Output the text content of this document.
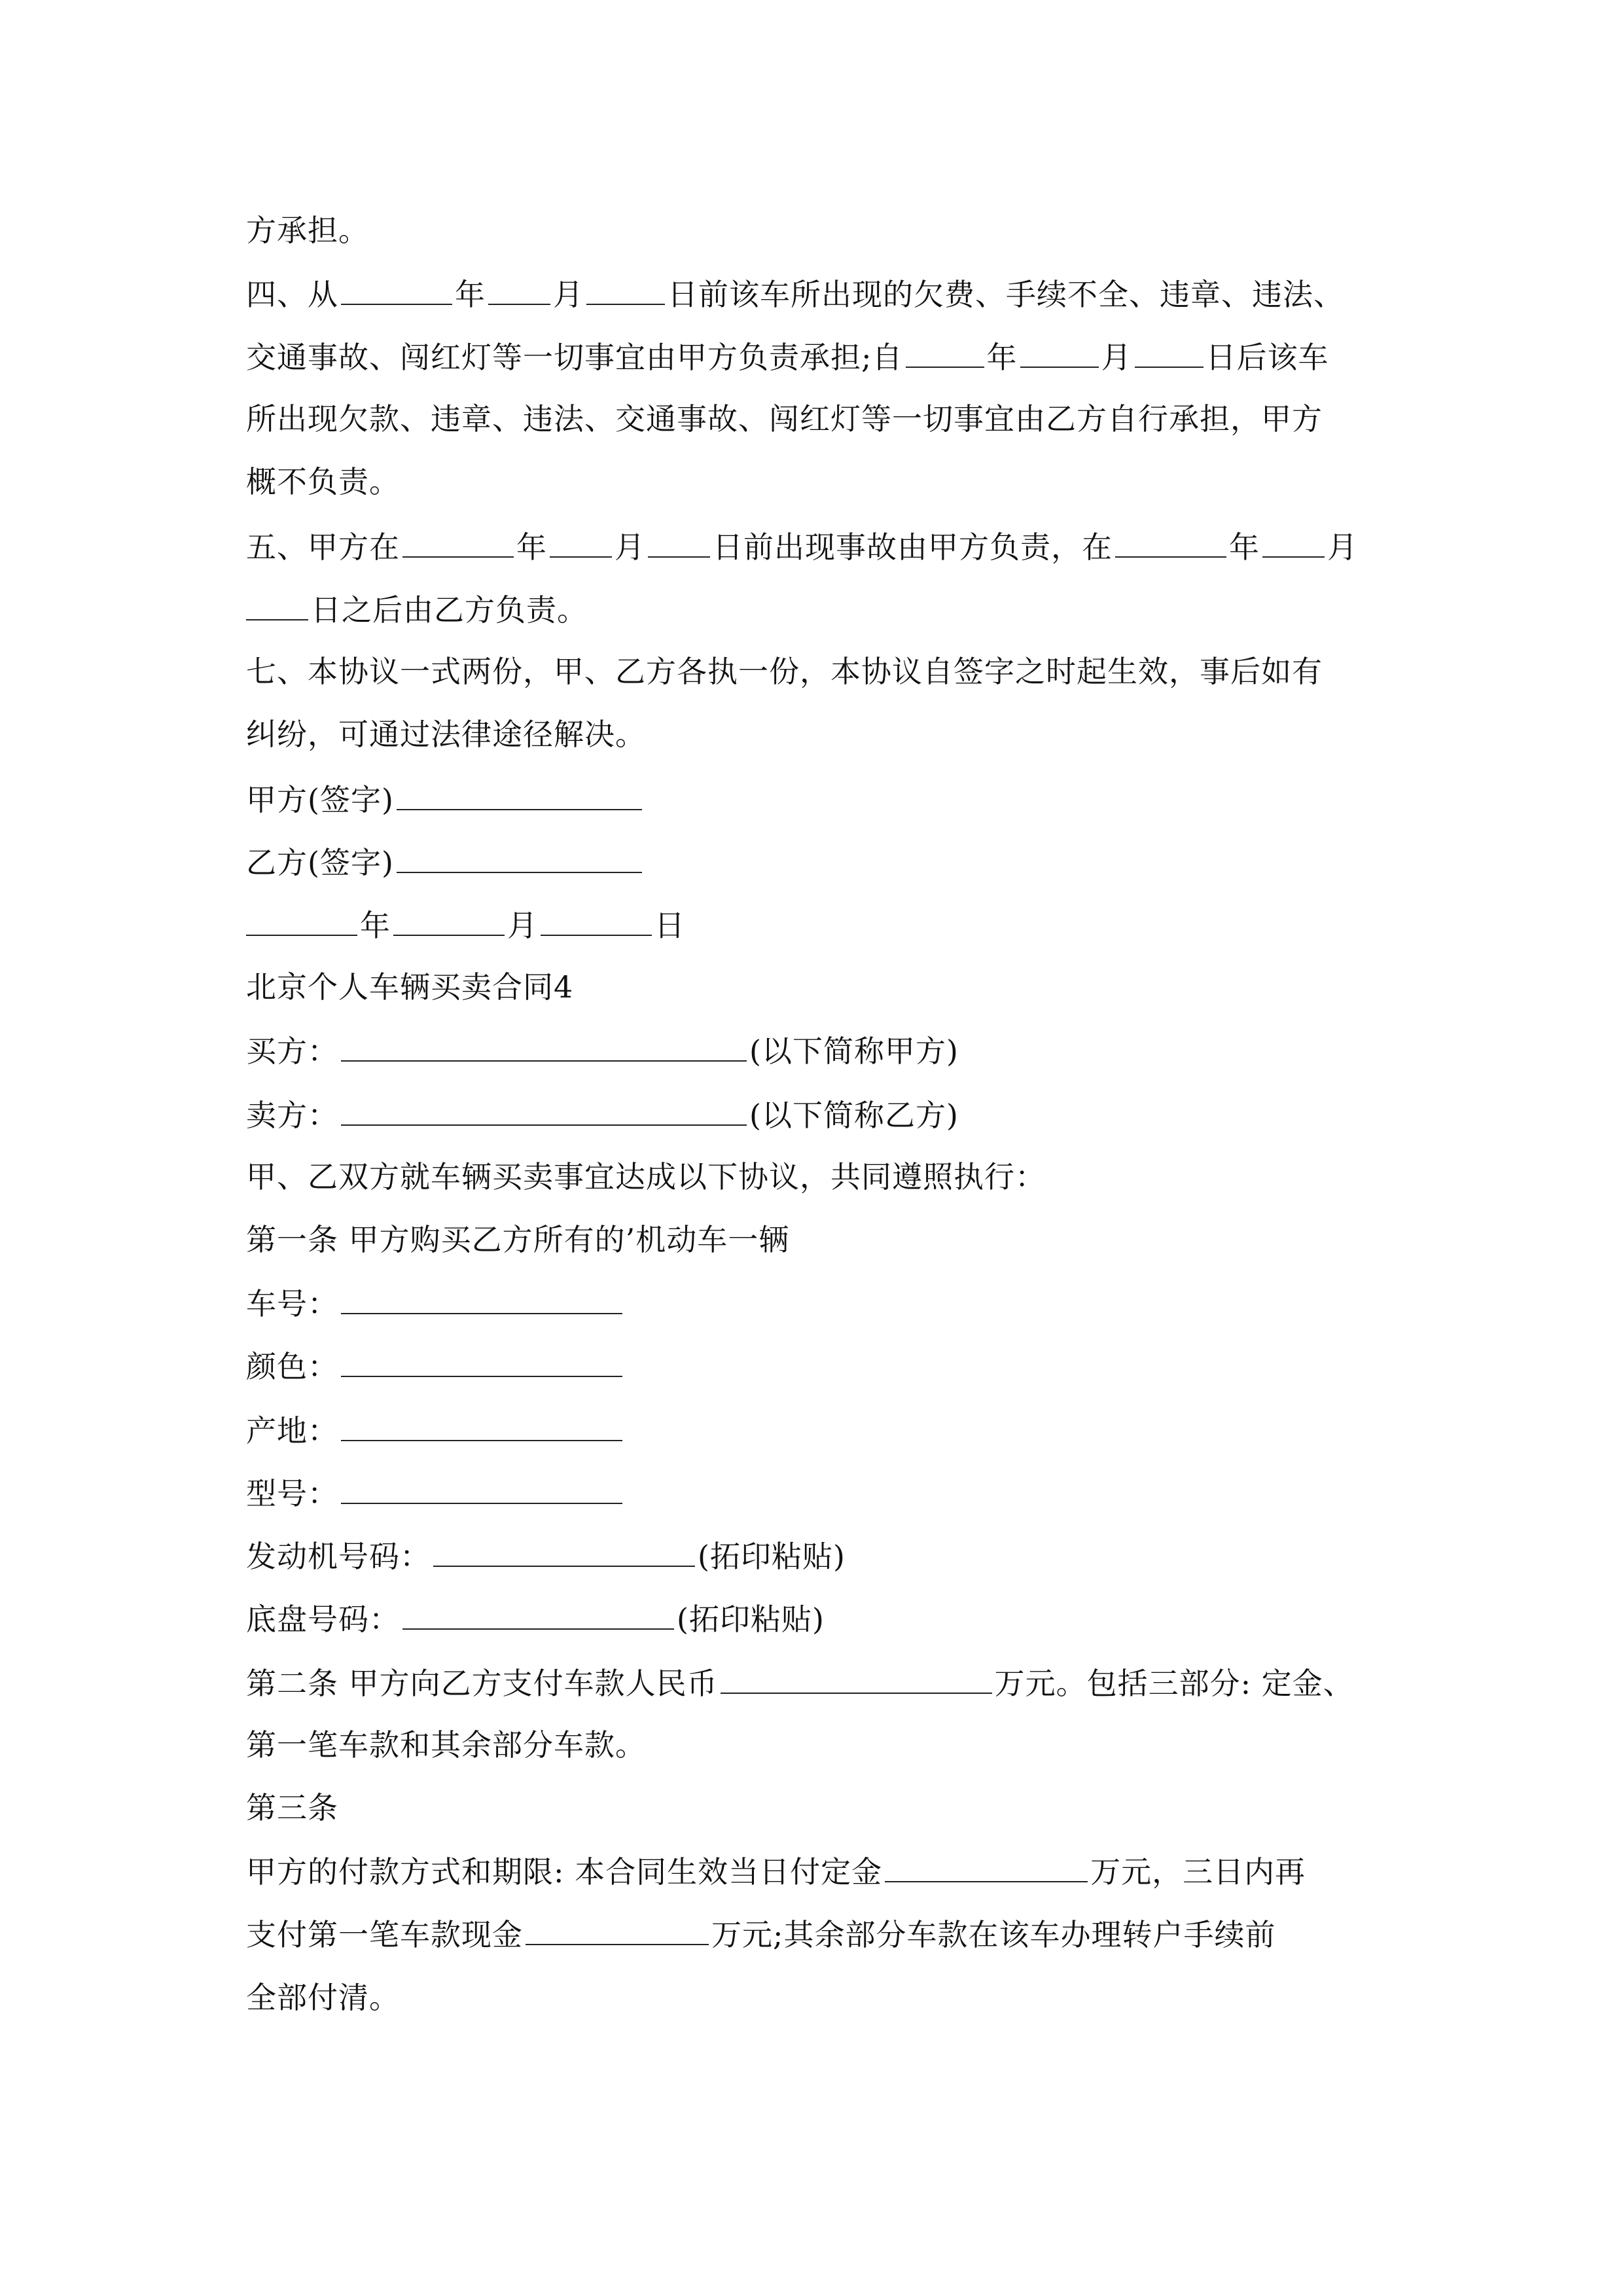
方承担。
四、从	年 月	日前该车所出现的欠费、手续不全、违章、违法、
交通事故、闯红灯等一切事宜由甲方负责承担;自	年	月 日后该车
所出现欠款、违章、违法、交通事故、闯红灯等一切事宜由乙方自行承担，甲方
概不负责。
五、甲方在	年 月 日前出现事故由甲方负责，在	年 月
日之后由乙方负责。
七、本协议一式两份，甲、乙方各执一份，本协议自签字之时起生效，事后如有
纠纷，可通过法律途径解决。
甲方(签字)
乙方(签字)
年	月	日
北京个人车辆买卖合同4
买方：	(以下简称甲方)
卖方：	(以下简称乙方)
甲、乙双方就车辆买卖事宜达成以下协议，共同遵照执行：
第一条 甲方购买乙方所有的’机动车一辆
车号：
颜色：
产地：
型号：
发动机号码：	(拓印粘贴)
底盘号码：	(拓印粘贴)
第二条 甲方向乙方支付车款人民币	万元。包括三部分: 定金、
第一笔车款和其余部分车款。
第三条
甲方的付款方式和期限: 本合同生效当日付定金	万元，三日内再
支付第一笔车款现金	万元;其余部分车款在该车办理转户手续前
全部付清。
